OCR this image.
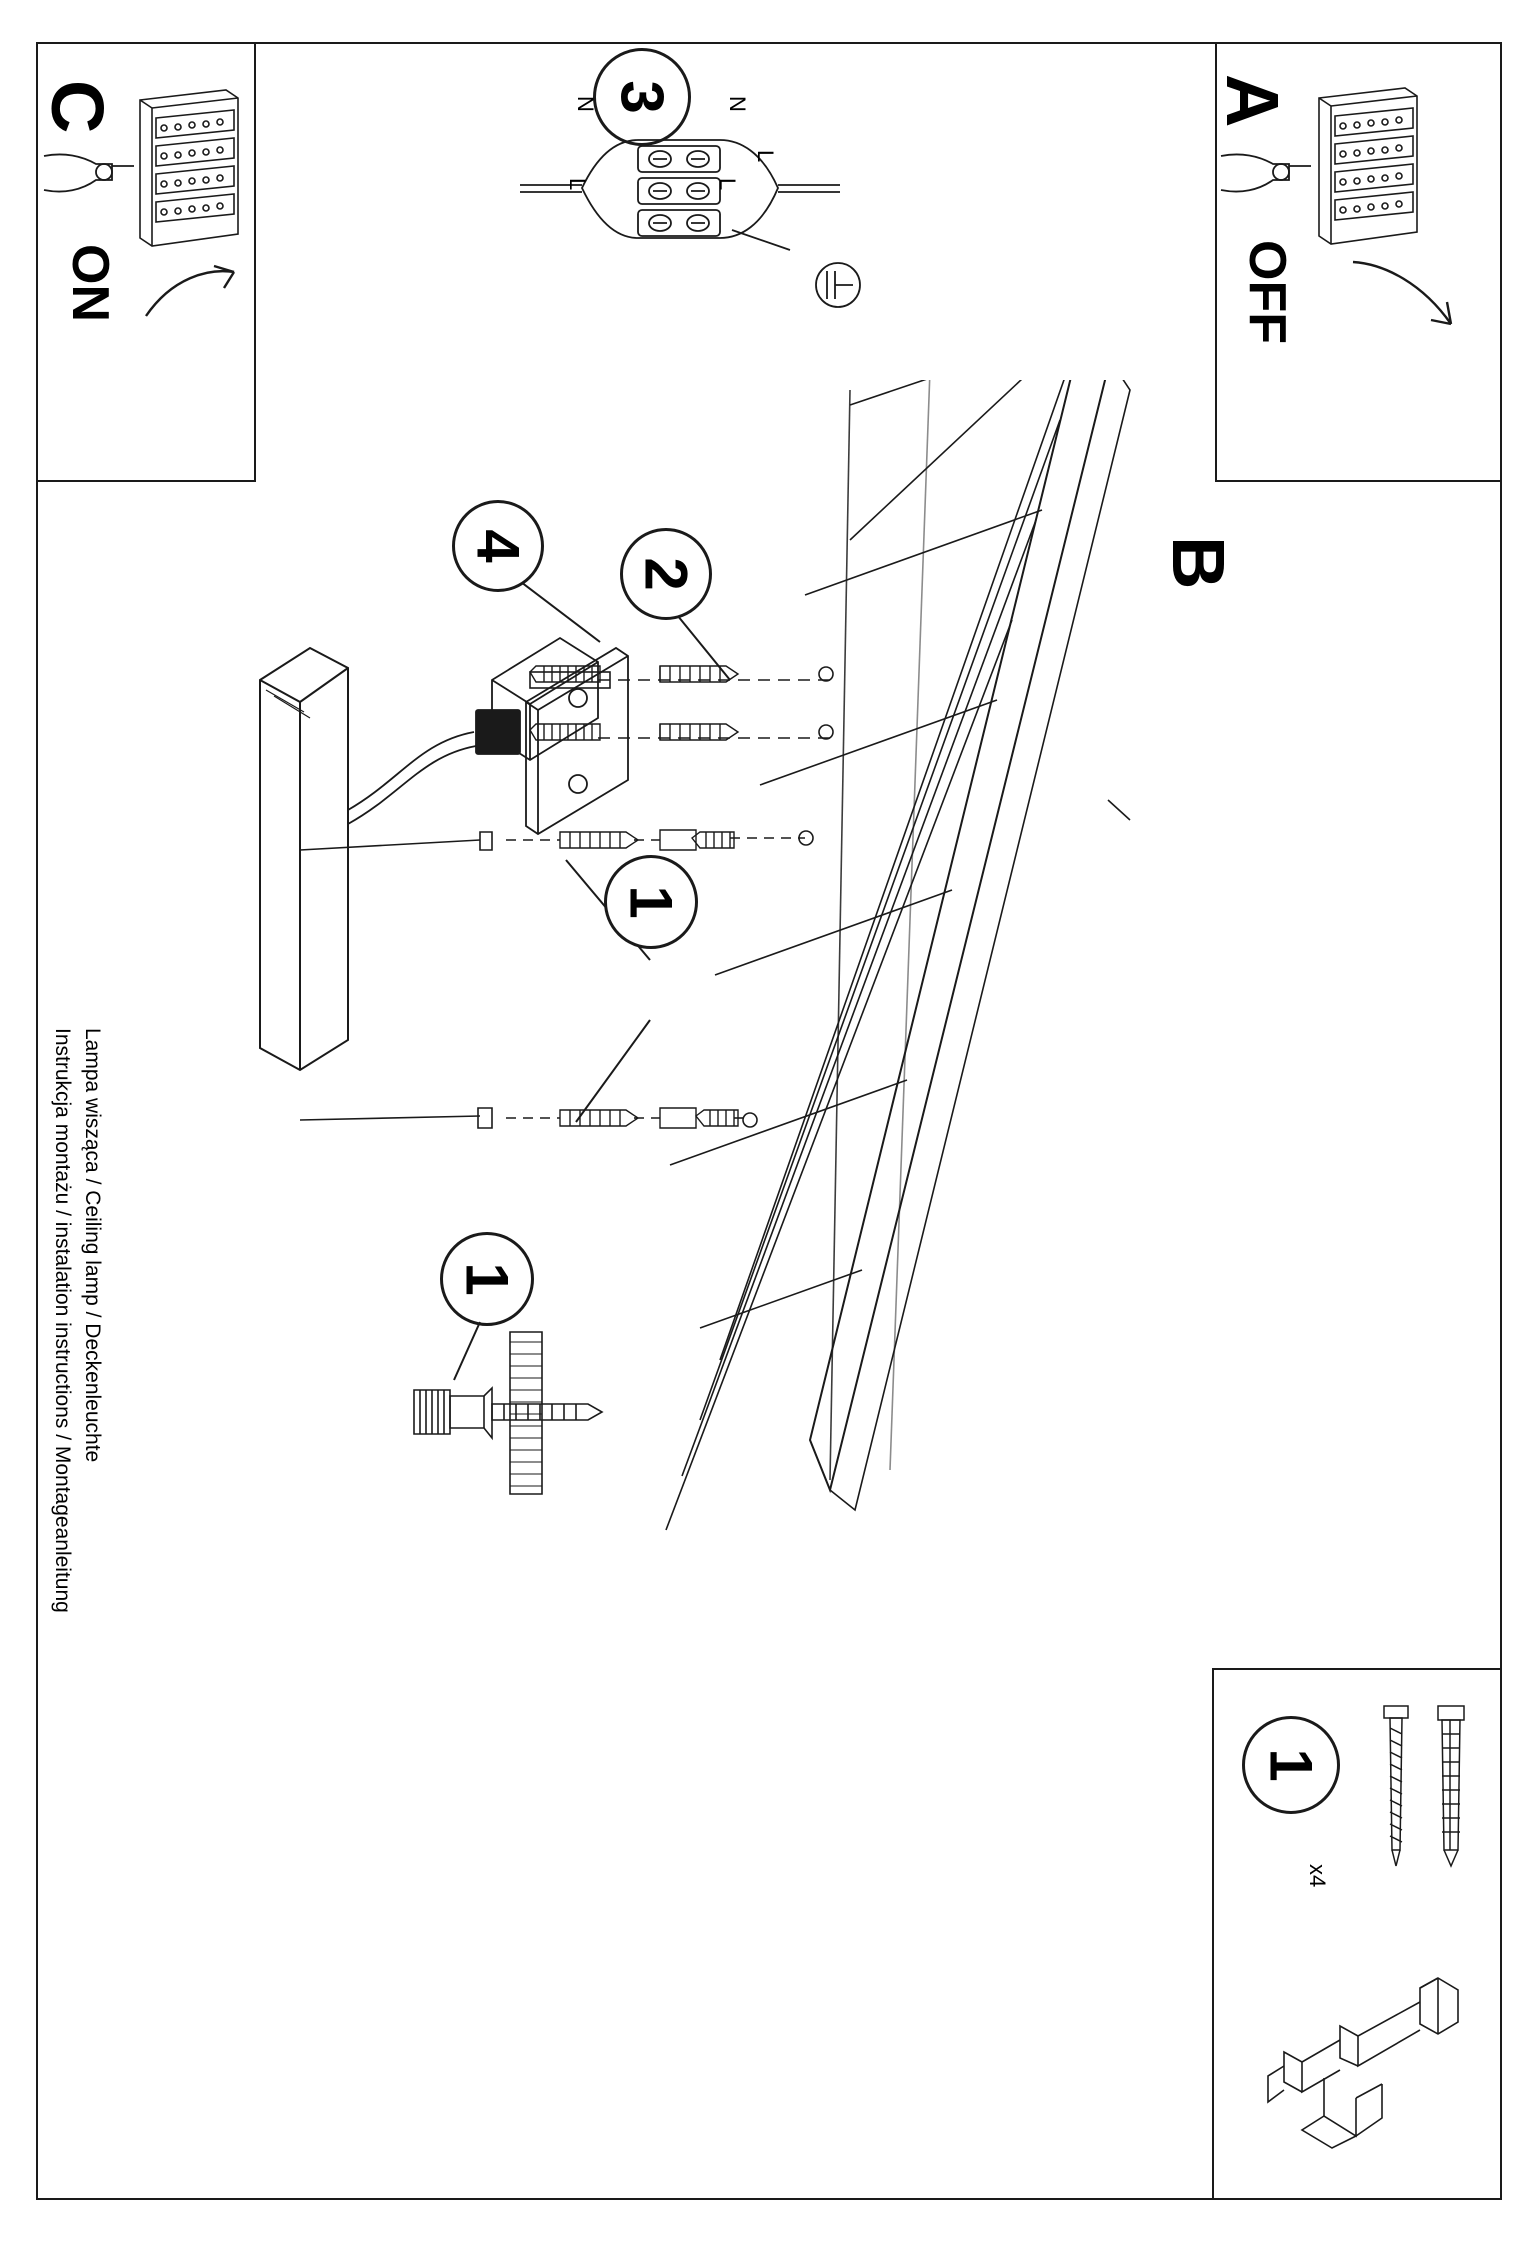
C
ON
A
OFF
3
N	N
L
L	L
B
4
2
1
1
1
x4
Instrukcja montażu / instalation instructions / Montageanleitung Lampa wisząca / Ceiling lamp / Deckenleuchte
